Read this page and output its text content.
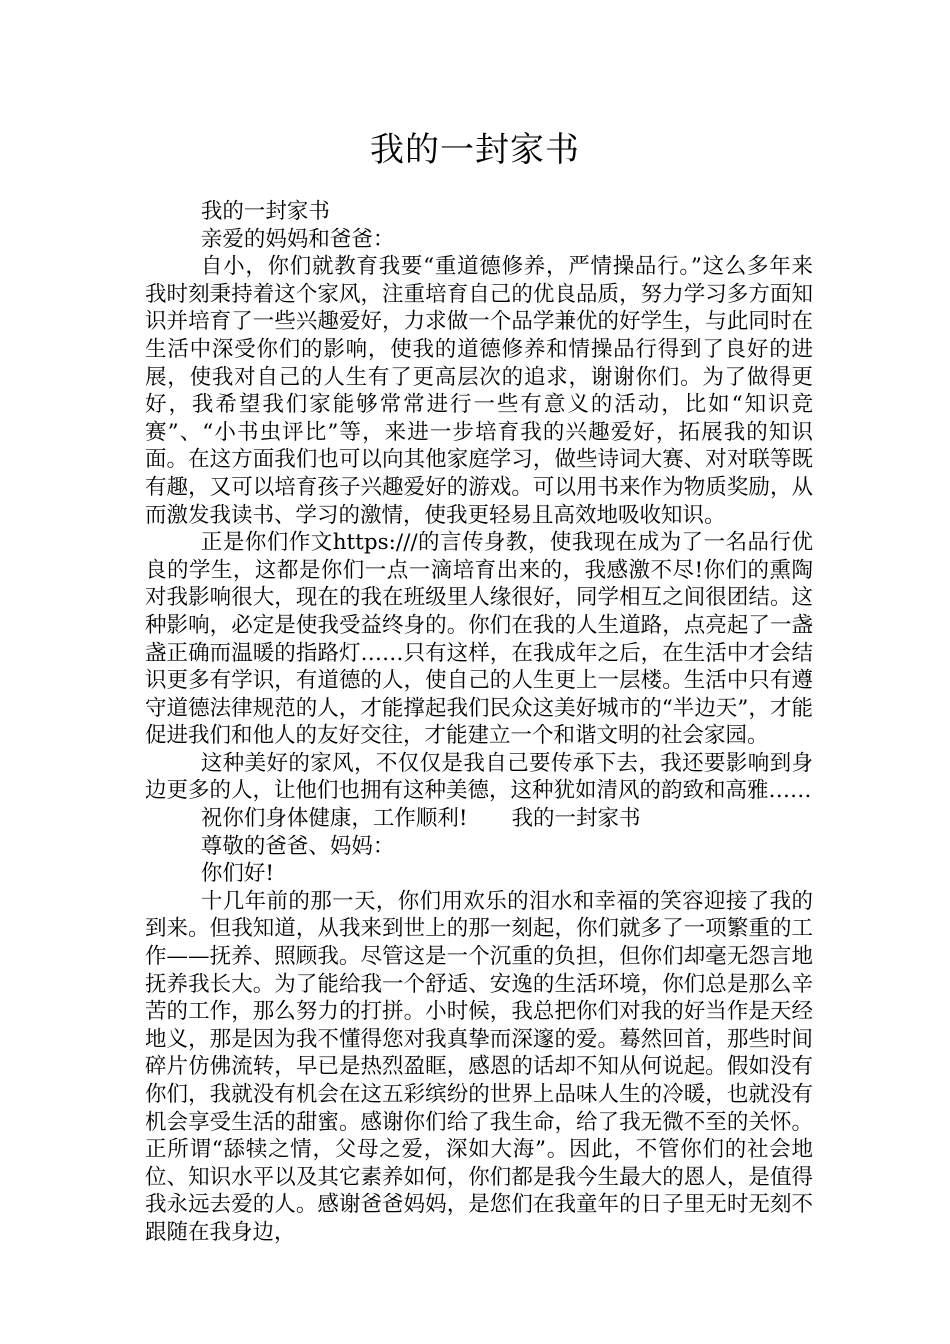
我的一封家书

我的一封家书

亲爱的妈妈和爸爸：

自小，你们就教育我要“重道德修养，严情操品行。”这么多年来我时刻秉持着这个家风，注重培育自己的优良品质，努力学习多方面知识并培育了一些兴趣爱好，力求做一个品学兼优的好学生，与此同时在生活中深受你们的影响，使我的道德修养和情操品行得到了良好的进展，使我对自己的人生有了更高层次的追求，谢谢你们。为了做得更好，我希望我们家能够常常进行一些有意义的活动，比如“知识竞赛”、“小书虫评比”等，来进一步培育我的兴趣爱好，拓展我的知识面。在这方面我们也可以向其他家庭学习，做些诗词大赛、对对联等既有趣，又可以培育孩子兴趣爱好的游戏。可以用书来作为物质奖励，从而激发我读书、学习的激情，使我更轻易且高效地吸收知识。

正是你们作文https:///的言传身教，使我现在成为了一名品行优良的学生，这都是你们一点一滴培育出来的，我感激不尽!你们的熏陶对我影响很大，现在的我在班级里人缘很好，同学相互之间很团结。这种影响，必定是使我受益终身的。你们在我的人生道路，点亮起了一盏盏正确而温暖的指路灯……只有这样，在我成年之后，在生活中才会结识更多有学识，有道德的人，使自己的人生更上一层楼。生活中只有遵守道德法律规范的人，才能撑起我们民众这美好城市的“半边天”，才能促进我们和他人的友好交往，才能建立一个和谐文明的社会家园。

这种美好的家风，不仅仅是我自己要传承下去，我还要影响到身边更多的人，让他们也拥有这种美德，这种犹如清风的韵致和高雅……

祝你们身体健康，工作顺利! 我的一封家书

尊敬的爸爸、妈妈：

你们好!

十几年前的那一天，你们用欢乐的泪水和幸福的笑容迎接了我的到来。但我知道，从我来到世上的那一刻起，你们就多了一项繁重的工作——抚养、照顾我。尽管这是一个沉重的负担，但你们却毫无怨言地抚养我长大。为了能给我一个舒适、安逸的生活环境，你们总是那么辛苦的工作，那么努力的打拼。小时候，我总把你们对我的好当作是天经地义，那是因为我不懂得您对我真挚而深邃的爱。蓦然回首，那些时间碎片仿佛流转，早已是热烈盈眶，感恩的话却不知从何说起。假如没有你们，我就没有机会在这五彩缤纷的世界上品味人生的冷暖，也就没有机会享受生活的甜蜜。感谢你们给了我生命，给了我无微不至的关怀。正所谓“舔犊之情，父母之爱，深如大海”。因此，不管你们的社会地位、知识水平以及其它素养如何，你们都是我今生最大的恩人，是值得我永远去爱的人。感谢爸爸妈妈，是您们在我童年的日子里无时无刻不跟随在我身边，
